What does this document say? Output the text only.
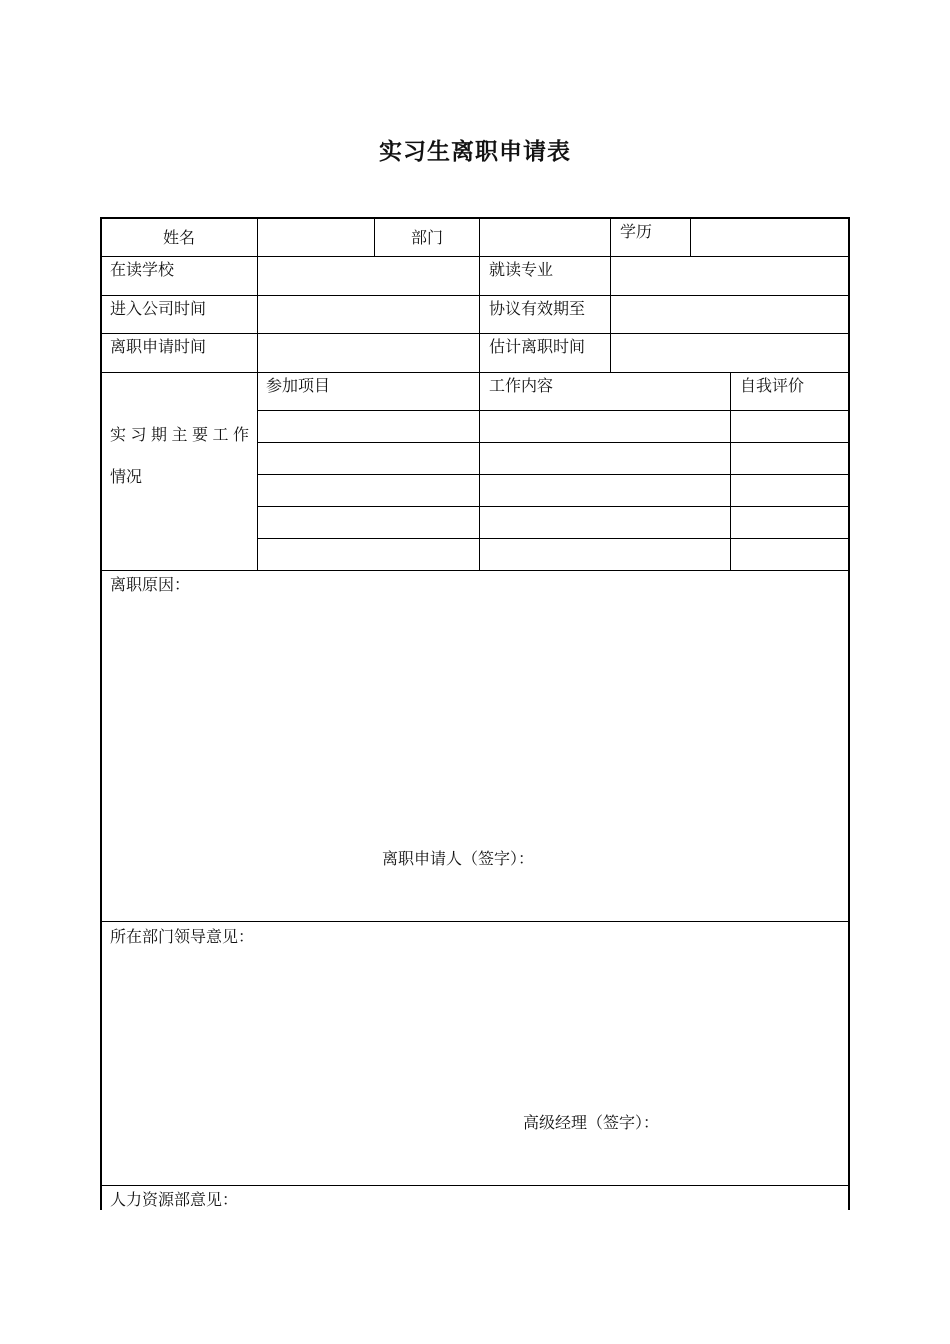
实习生离职申请表
姓名	部门	学历
在读学校	就读专业
进入公司时间	协议有效期至
离职申请时间	估计离职时间
实习期主要工作
情况
参加项目	工作内容	自我评价
离职原因：
离职申请人（签字）：
所在部门领导意见：
高级经理（签字）：
人力资源部意见：
